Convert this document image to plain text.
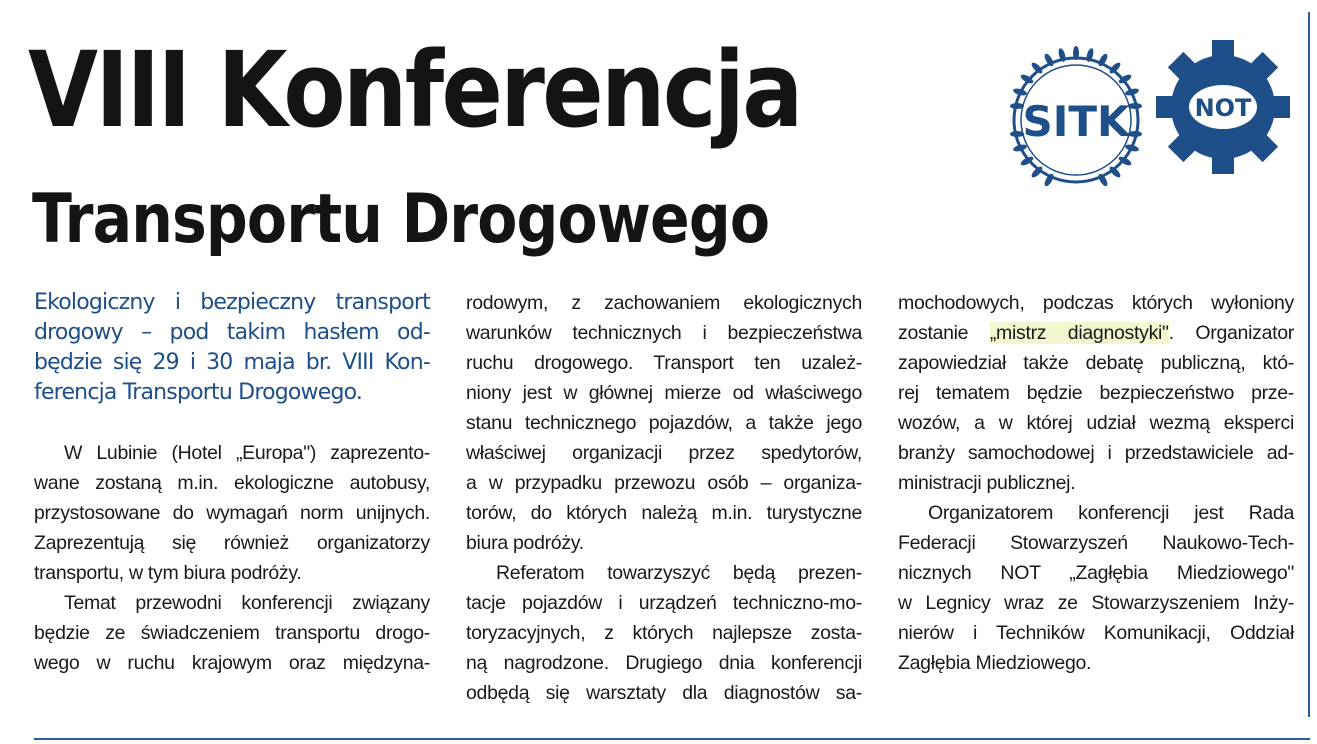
VIII Konferencja
Transportu Drogowego
SITK	NOT

Ekologiczny i bezpieczny transport
drogowy – pod takim hasłem od-
będzie się 29 i 30 maja br. VIII Kon-
ferencja Transportu Drogowego.

W Lubinie (Hotel „Europa") zaprezento-
wane zostaną m.in. ekologiczne autobusy,
przystosowane do wymagań norm unijnych.
Zaprezentują się również organizatorzy
transportu, w tym biura podróży.

Temat przewodni konferencji związany
będzie ze świadczeniem transportu drogo-
wego w ruchu krajowym oraz międzyna-

rodowym, z zachowaniem ekologicznych
warunków technicznych i bezpieczeństwa
ruchu drogowego. Transport ten uzależ-
niony jest w głównej mierze od właściwego
stanu technicznego pojazdów, a także jego
właściwej organizacji przez spedytorów,
a w przypadku przewozu osób – organiza-
torów, do których należą m.in. turystyczne
biura podróży.

Referatom towarzyszyć będą prezen-
tacje pojazdów i urządzeń techniczno-mo-
toryzacyjnych, z których najlepsze zosta-
ną nagrodzone. Drugiego dnia konferencji
odbędą się warsztaty dla diagnostów sa-

mochodowych, podczas których wyłoniony
zostanie „mistrz diagnostyki". Organizator
zapowiedział także debatę publiczną, któ-
rej tematem będzie bezpieczeństwo prze-
wozów, a w której udział wezmą eksperci
branży samochodowej i przedstawiciele ad-
ministracji publicznej.

Organizatorem konferencji jest Rada
Federacji Stowarzyszeń Naukowo-Tech-
nicznych NOT „Zagłębia Miedziowego"
w Legnicy wraz ze Stowarzyszeniem Inży-
nierów i Techników Komunikacji, Oddział
Zagłębia Miedziowego.
